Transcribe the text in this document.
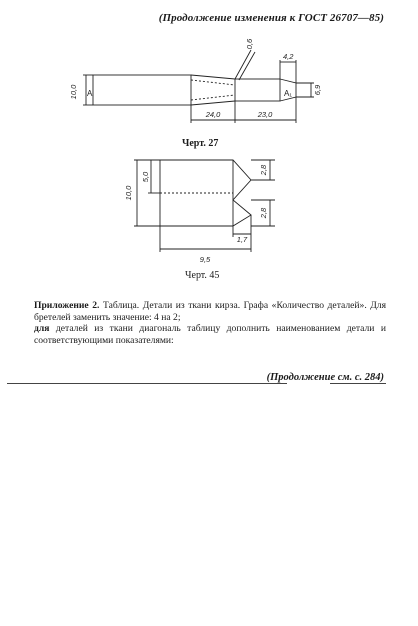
(Продолжение изменения к ГОСТ 26707—85)
10,0 А	А₁
0,6
4,2
6,9
24,0	23,0
10,0
5,0
2,8
2,8
1,7
9,5
Черт. 27
Черт. 45

Приложение 2. Таблица. Детали из ткани кирза. Графа «Количество деталей». Для бретелей заменить значение: 4 на 2;

для деталей из ткани диагональ таблицу дополнить наименованием детали и соответствующими показателями:

(Продолжение см. с. 284)
